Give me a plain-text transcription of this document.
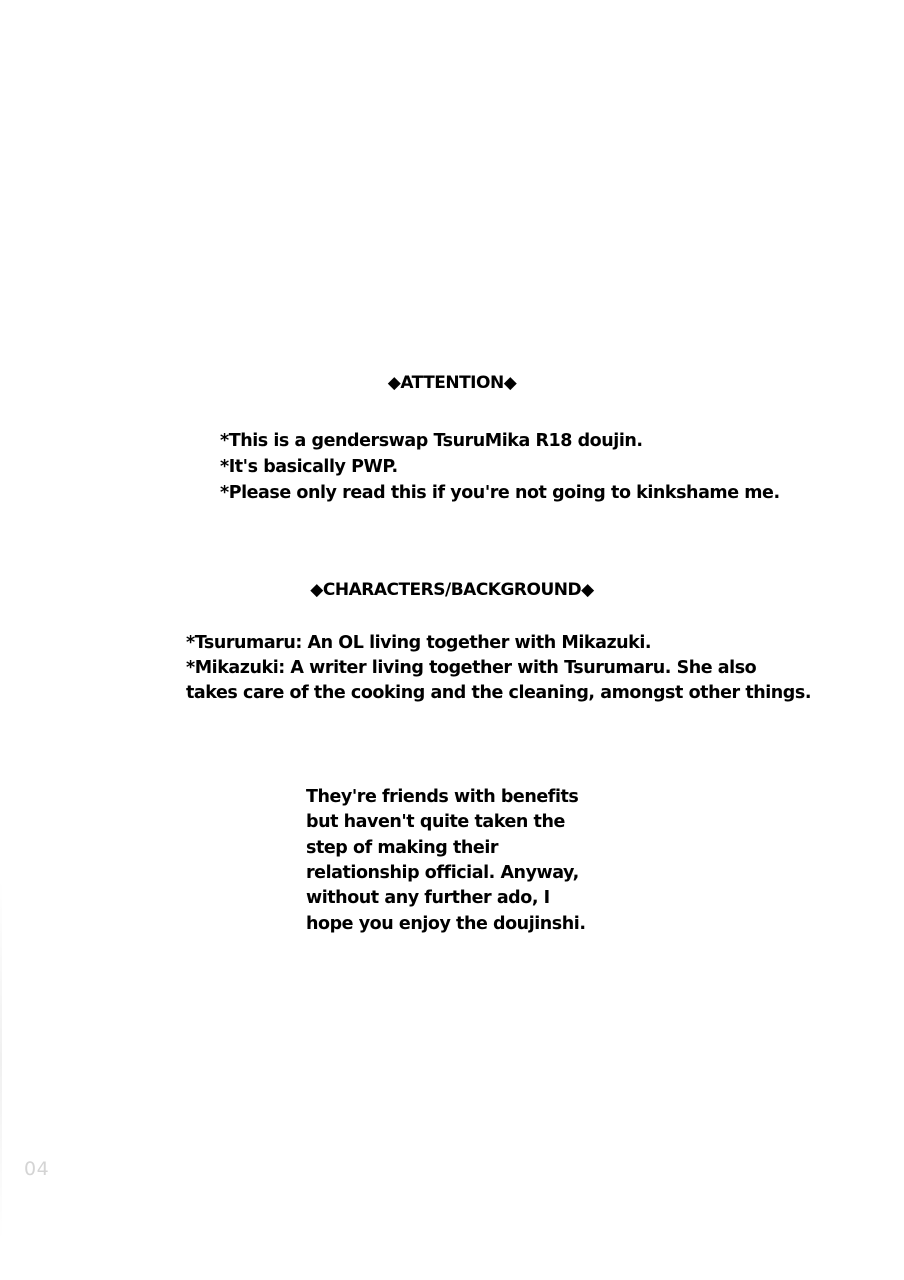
◆ATTENTION◆
*This is a genderswap TsuruMika R18 doujin.
*It's basically PWP.
*Please only read this if you're not going to kinkshame me.
◆CHARACTERS/BACKGROUND◆
*Tsurumaru: An OL living together with Mikazuki.
*Mikazuki: A writer living together with Tsurumaru. She also
takes care of the cooking and the cleaning, amongst other things.
They're friends with benefits
but haven't quite taken the
step of making their
relationship official. Anyway,
without any further ado, I
hope you enjoy the doujinshi.
04
